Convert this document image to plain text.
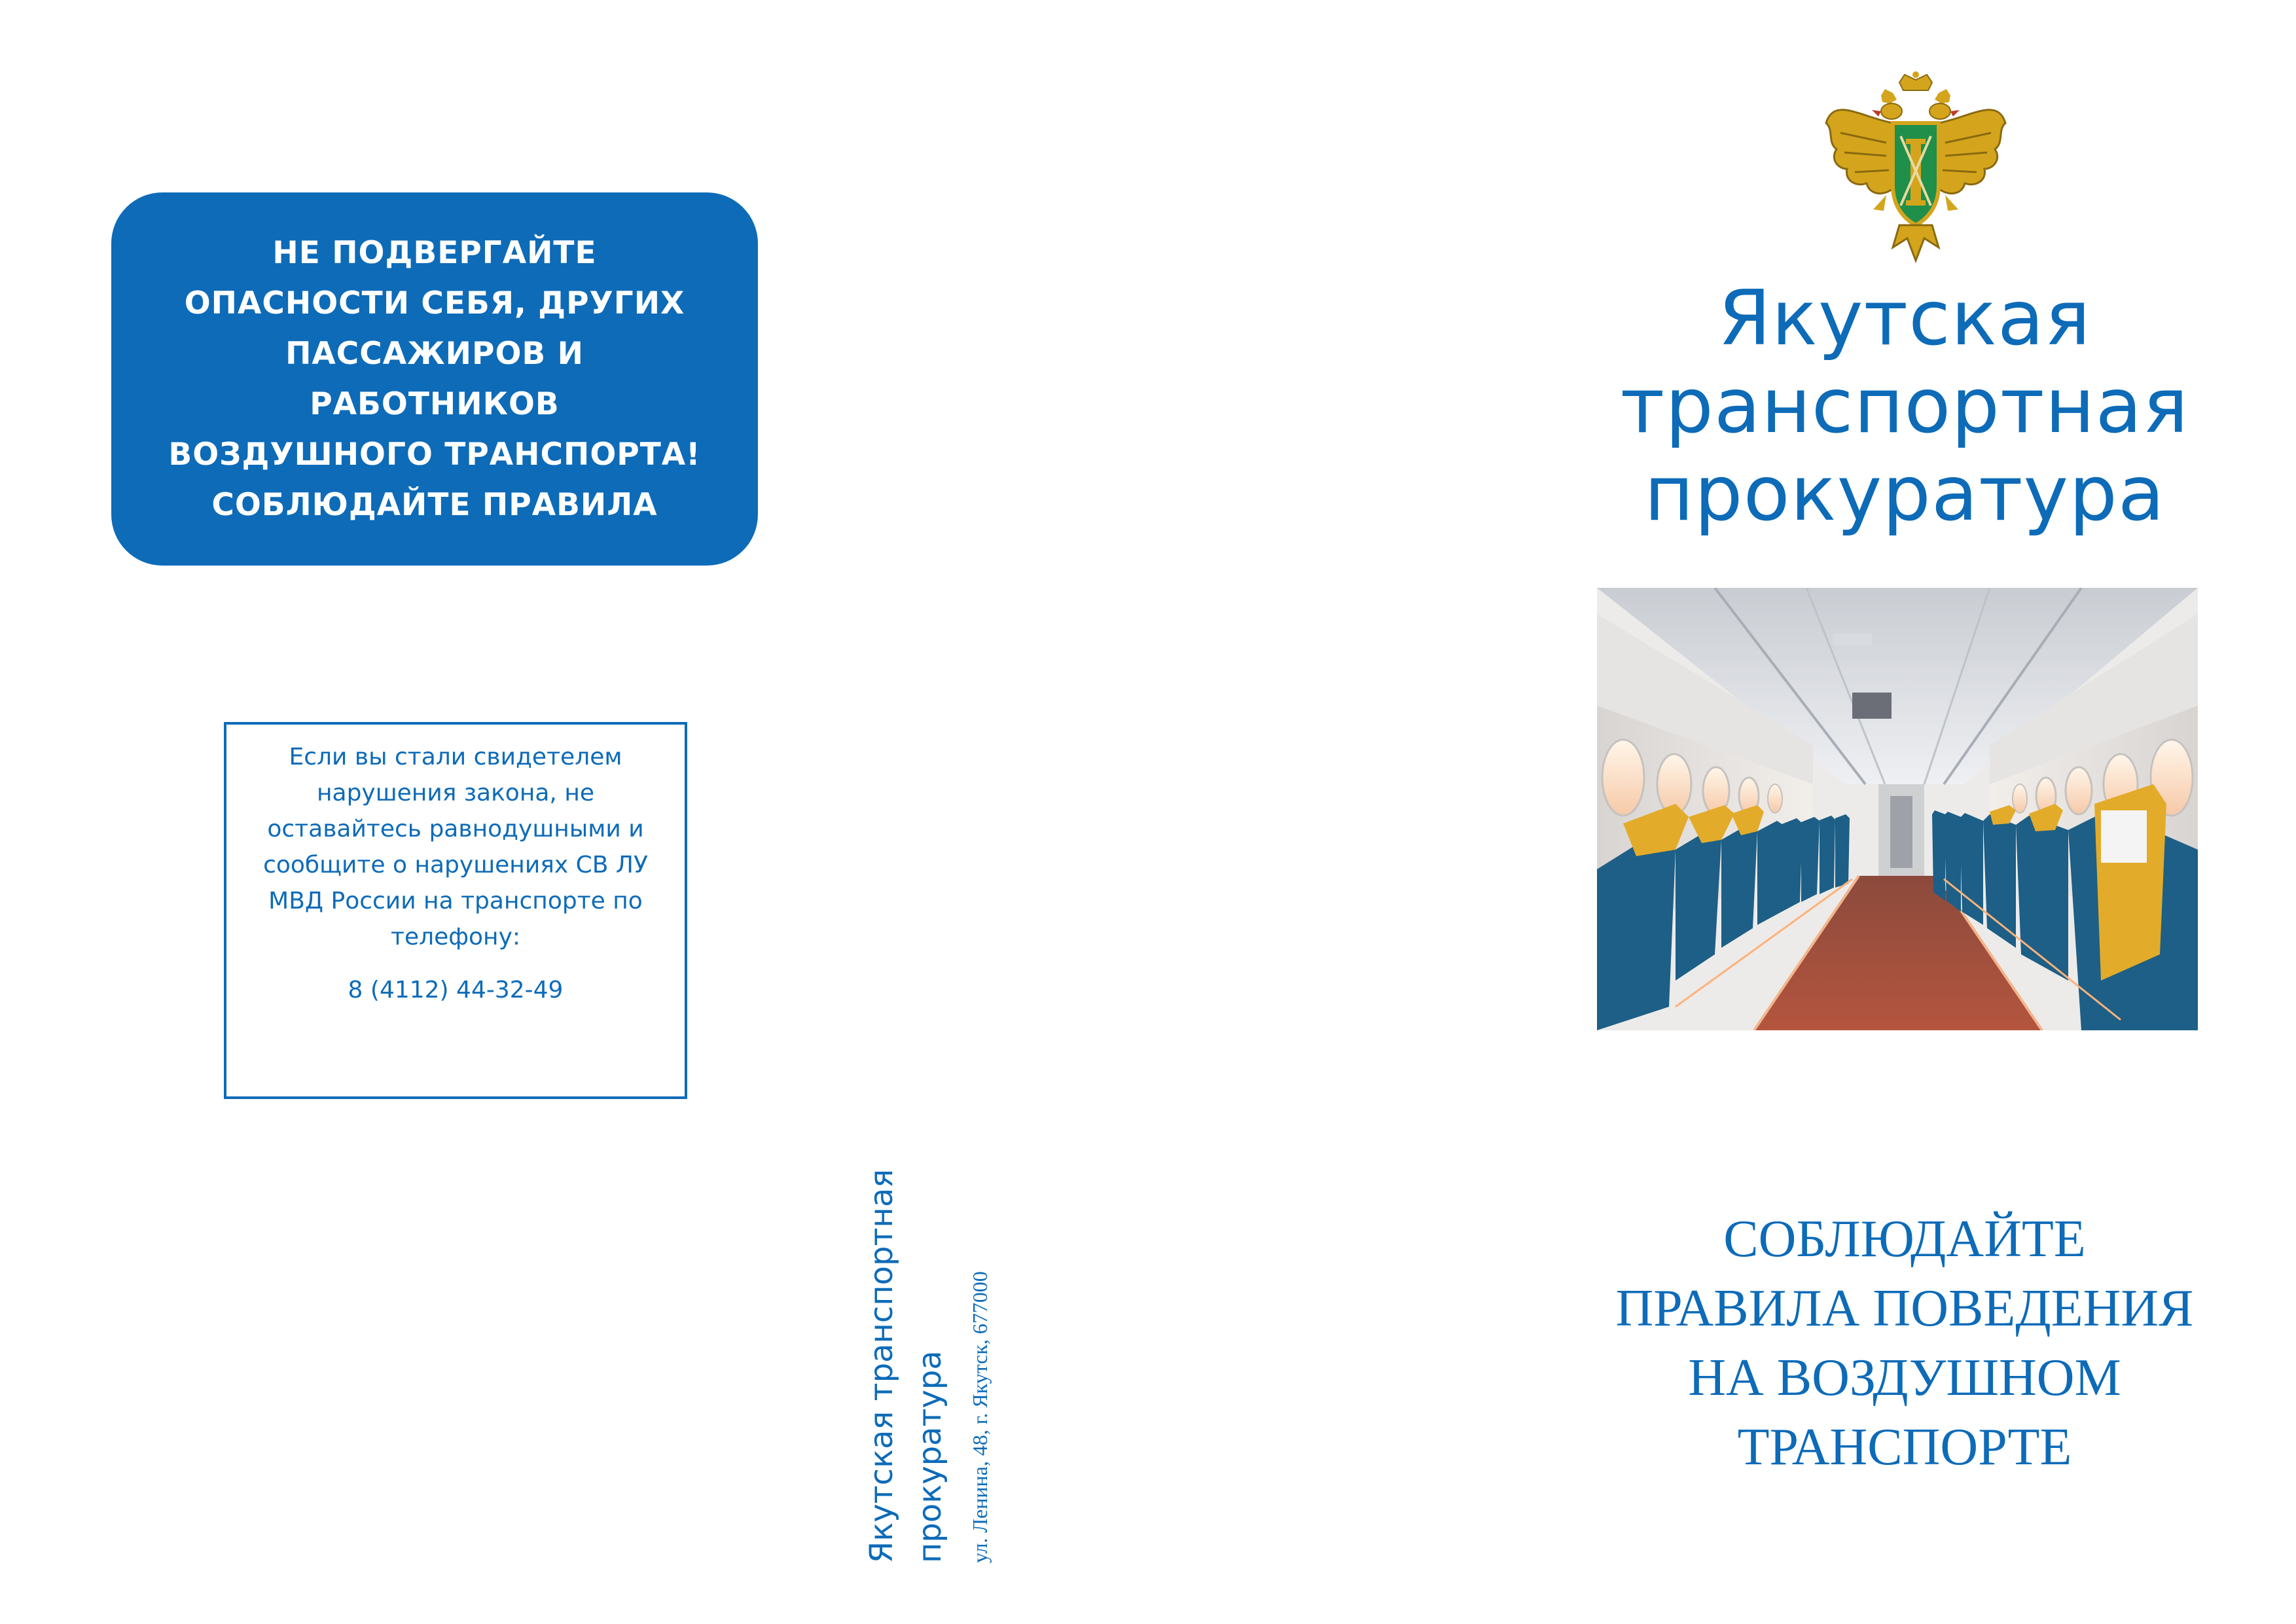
НЕ ПОДВЕРГАЙТЕ
ОПАСНОСТИ СЕБЯ, ДРУГИХ
ПАССАЖИРОВ И
РАБОТНИКОВ
ВОЗДУШНОГО ТРАНСПОРТА!
СОБЛЮДАЙТЕ ПРАВИЛА
Если вы стали свидетелем
нарушения закона, не
оставайтесь равнодушными и
сообщите о нарушениях СВ ЛУ
МВД России на транспорте по
телефону:
8 (4112) 44-32-49
Якутская транспортная прокуратура ул. Ленина, 48, г. Якутск, 677000
Якутская
транспортная
прокуратура
СОБЛЮДАЙТЕ
ПРАВИЛА ПОВЕДЕНИЯ
НА ВОЗДУШНОМ
ТРАНСПОРТЕ
